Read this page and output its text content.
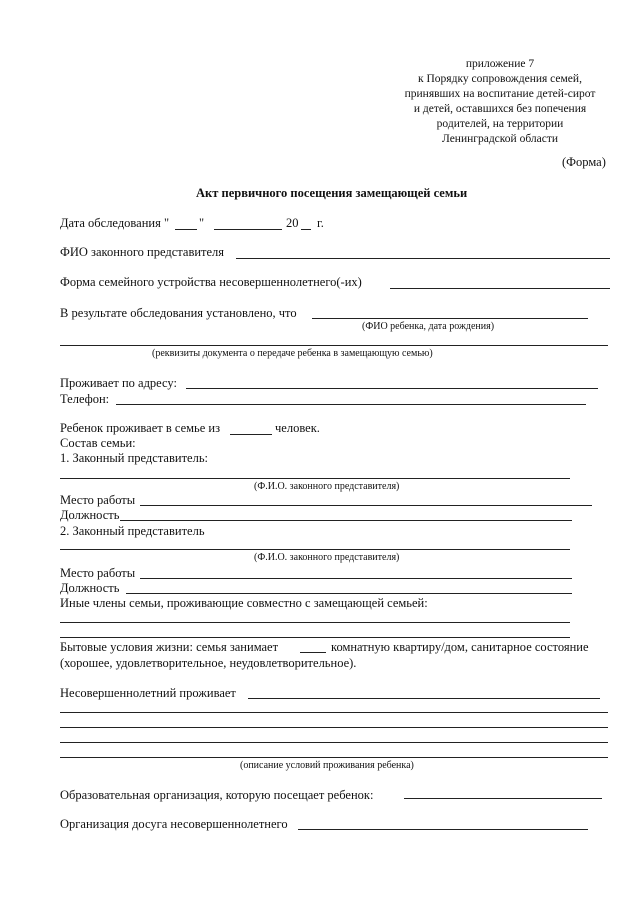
приложение 7
к Порядку сопровождения семей,
принявших на воспитание детей-сирот
и детей, оставшихся без попечения
родителей, на территории
Ленинградской области
(Форма)
Акт первичного посещения замещающей семьи
Дата обследования " "	20 г.
ФИО законного представителя
Форма семейного устройства несовершеннолетнего(-их)
В результате обследования установлено, что
(ФИО ребенка, дата рождения)
(реквизиты документа о передаче ребенка в замещающую семью)
Проживает по адресу:
Телефон:
Ребенок проживает в семье из	человек.
Состав семьи:
1. Законный представитель:
(Ф.И.О. законного представителя)
Место работы
Должность
2. Законный представитель
(Ф.И.О. законного представителя)
Место работы
Должность
Иные члены семьи, проживающие совместно с замещающей семьей:
Бытовые условия жизни: семья занимает	комнатную квартиру/дом, санитарное состояние
(хорошее, удовлетворительное, неудовлетворительное).
Несовершеннолетний проживает
(описание условий проживания ребенка)
Образовательная организация, которую посещает ребенок:
Организация досуга несовершеннолетнего
